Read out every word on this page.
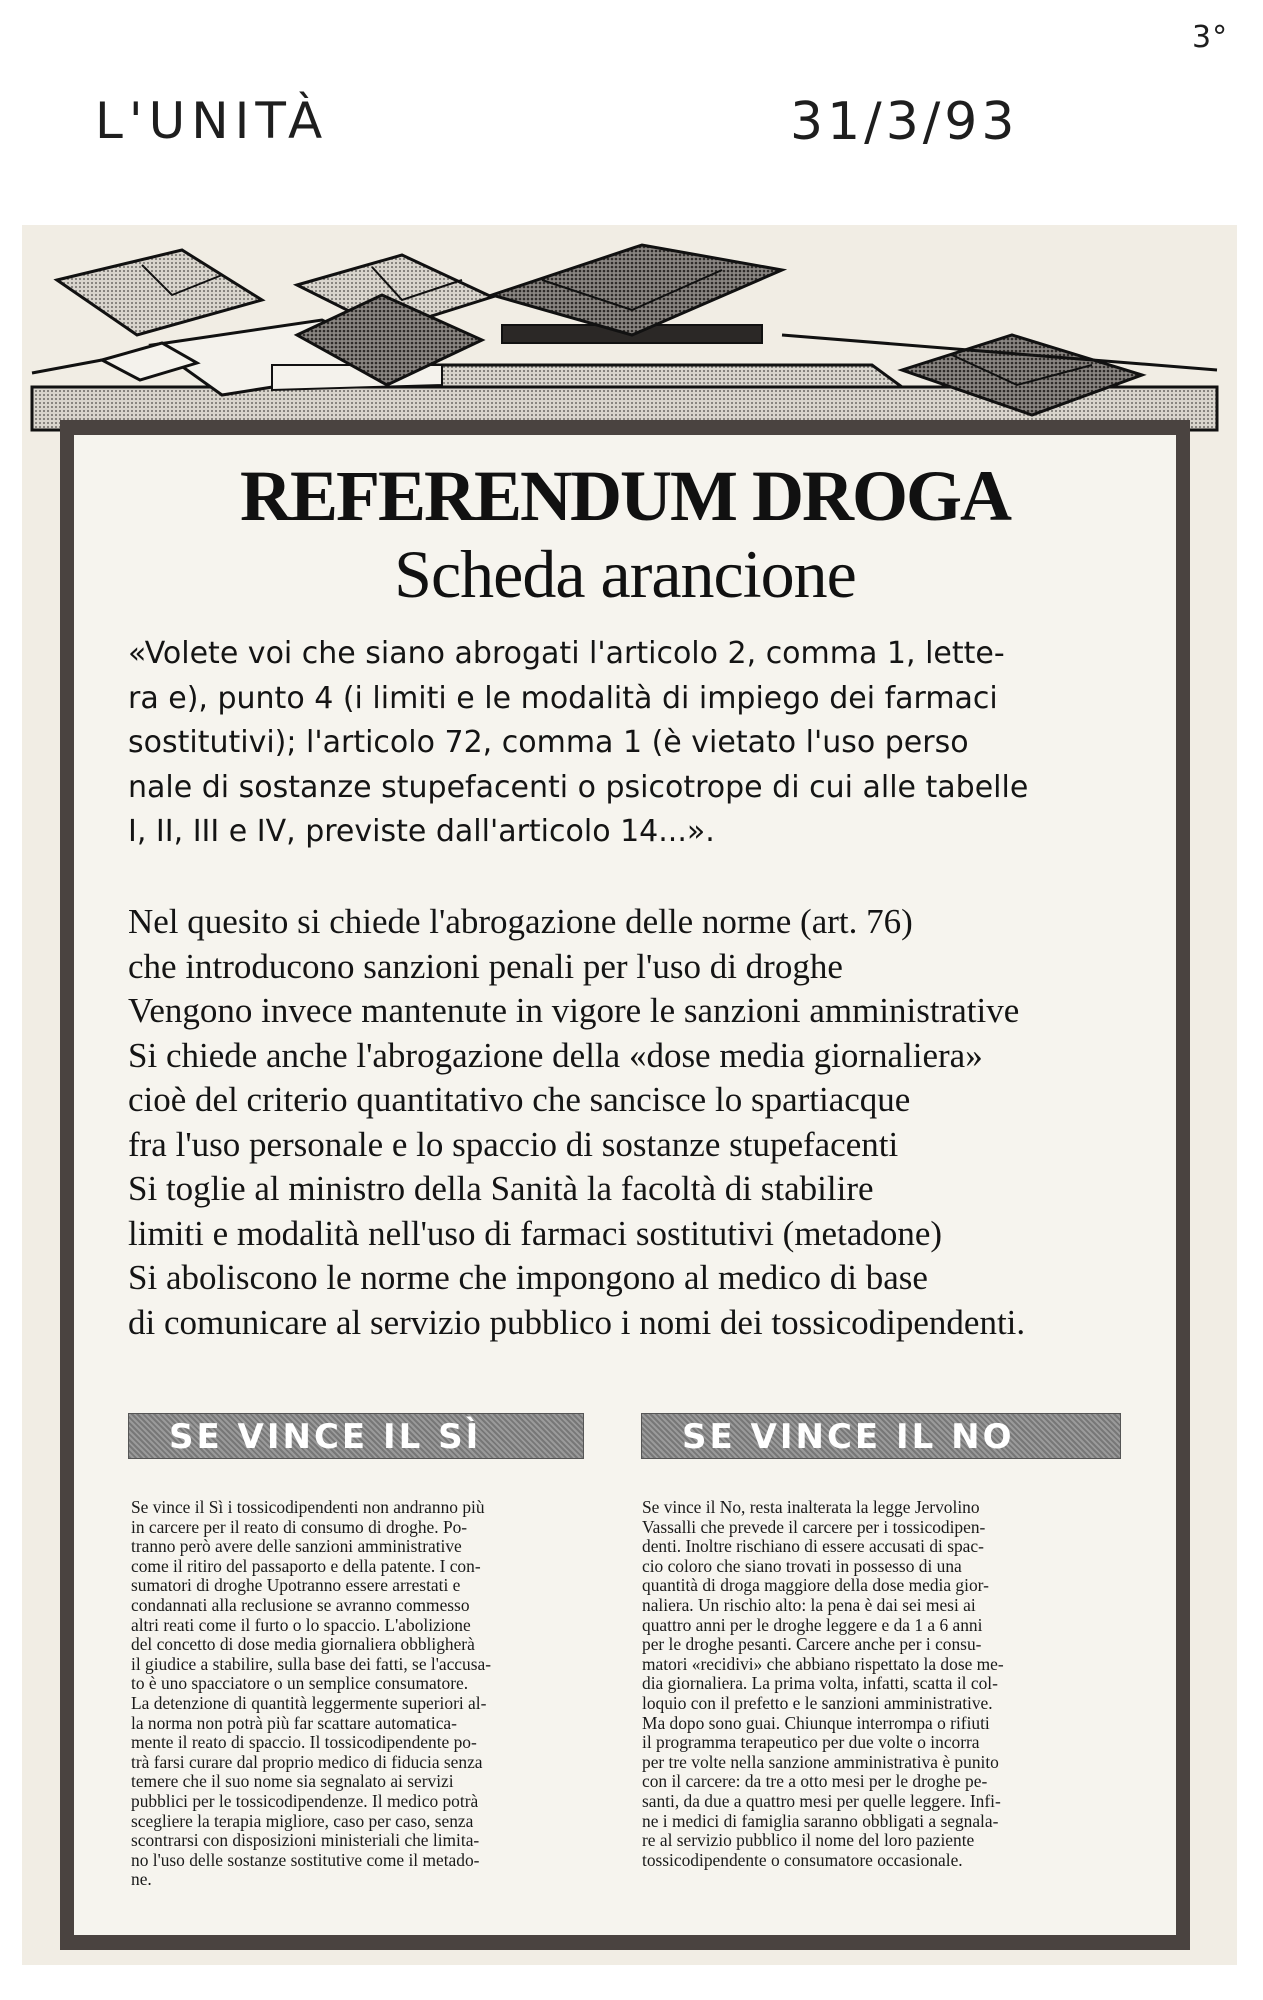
L'UNITÀ	31/3/93
3°
REFERENDUM DROGA
Scheda arancione
«Volete voi che siano abrogati l'articolo 2, comma 1, lette-
ra e), punto 4 (i limiti e le modalità di impiego dei farmaci
sostitutivi); l'articolo 72, comma 1 (è vietato l'uso perso
nale di sostanze stupefacenti o psicotrope di cui alle tabelle
I, II, III e IV, previste dall'articolo 14...».
Nel quesito si chiede l'abrogazione delle norme (art. 76)
che introducono sanzioni penali per l'uso di droghe
Vengono invece mantenute in vigore le sanzioni amministrative
Si chiede anche l'abrogazione della «dose media giornaliera»
cioè del criterio quantitativo che sancisce lo spartiacque
fra l'uso personale e lo spaccio di sostanze stupefacenti
Si toglie al ministro della Sanità la facoltà di stabilire
limiti e modalità nell'uso di farmaci sostitutivi (metadone)
Si aboliscono le norme che impongono al medico di base
di comunicare al servizio pubblico i nomi dei tossicodipendenti.
SE VINCE IL SÌ	SE VINCE IL NO
Se vince il Sì i tossicodipendenti non andranno più
in carcere per il reato di consumo di droghe. Po-
tranno però avere delle sanzioni amministrative
come il ritiro del passaporto e della patente. I con-
sumatori di droghe Upotranno essere arrestati e
condannati alla reclusione se avranno commesso
altri reati come il furto o lo spaccio. L'abolizione
del concetto di dose media giornaliera obbligherà
il giudice a stabilire, sulla base dei fatti, se l'accusa-
to è uno spacciatore o un semplice consumatore.
La detenzione di quantità leggermente superiori al-
la norma non potrà più far scattare automatica-
mente il reato di spaccio. Il tossicodipendente po-
trà farsi curare dal proprio medico di fiducia senza
temere che il suo nome sia segnalato ai servizi
pubblici per le tossicodipendenze. Il medico potrà
scegliere la terapia migliore, caso per caso, senza
scontrarsi con disposizioni ministeriali che limita-
no l'uso delle sostanze sostitutive come il metado-
ne.
Se vince il No, resta inalterata la legge Jervolino
Vassalli che prevede il carcere per i tossicodipen-
denti. Inoltre rischiano di essere accusati di spac-
cio coloro che siano trovati in possesso di una
quantità di droga maggiore della dose media gior-
naliera. Un rischio alto: la pena è dai sei mesi ai
quattro anni per le droghe leggere e da 1 a 6 anni
per le droghe pesanti. Carcere anche per i consu-
matori «recidivi» che abbiano rispettato la dose me-
dia giornaliera. La prima volta, infatti, scatta il col-
loquio con il prefetto e le sanzioni amministrative.
Ma dopo sono guai. Chiunque interrompa o rifiuti
il programma terapeutico per due volte o incorra
per tre volte nella sanzione amministrativa è punito
con il carcere: da tre a otto mesi per le droghe pe-
santi, da due a quattro mesi per quelle leggere. Infi-
ne i medici di famiglia saranno obbligati a segnala-
re al servizio pubblico il nome del loro paziente
tossicodipendente o consumatore occasionale.
